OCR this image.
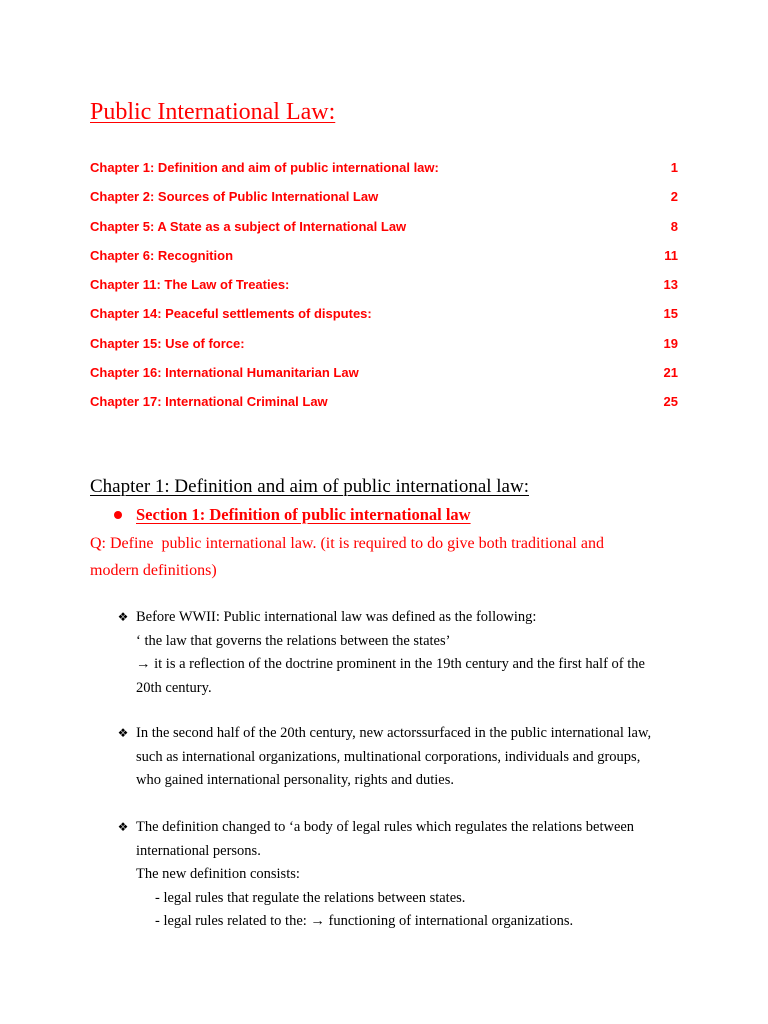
Public International Law:
Chapter 1: Definition and aim of public international law:	1
Chapter 2: Sources of Public International Law	2
Chapter 5: A State as a subject of International Law	8
Chapter 6: Recognition	11
Chapter 11: The Law of Treaties:	13
Chapter 14: Peaceful settlements of disputes:	15
Chapter 15: Use of force:	19
Chapter 16: International Humanitarian Law	21
Chapter 17: International Criminal Law	25
Chapter 1: Definition and aim of public international law:
Section 1: Definition of public international law
Q: Define  public international law. (it is required to do give both traditional and
modern definitions)
❖
Before WWII: Public international law was defined as the following:
‘ the law that governs the relations between the states’
→ it is a reflection of the doctrine prominent in the 19th century and the first half of the
20th century.
❖
In the second half of the 20th century, new actorssurfaced in the public international law,
such as international organizations, multinational corporations, individuals and groups,
who gained international personality, rights and duties.
❖
The definition changed to ‘a body of legal rules which regulates the relations between
international persons.
The new definition consists:
- legal rules that regulate the relations between states.
- legal rules related to the: → functioning of international organizations.
